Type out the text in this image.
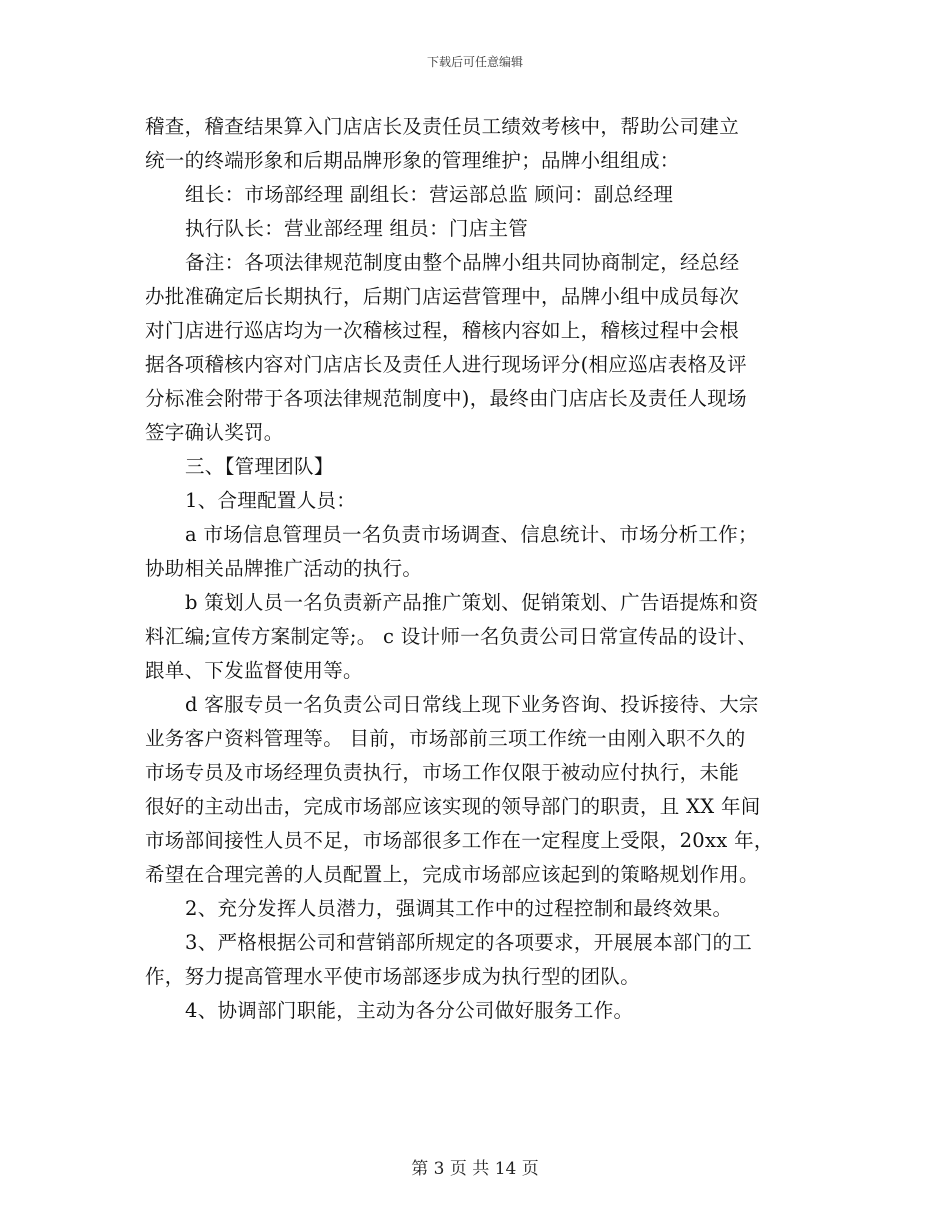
下载后可任意编辑
稽查，稽查结果算入门店店长及责任员工绩效考核中，帮助公司建立
统一的终端形象和后期品牌形象的管理维护；品牌小组组成：
组长：市场部经理 副组长：营运部总监 顾问：副总经理
执行队长：营业部经理 组员：门店主管
备注：各项法律规范制度由整个品牌小组共同协商制定，经总经
办批准确定后长期执行，后期门店运营管理中，品牌小组中成员每次
对门店进行巡店均为一次稽核过程，稽核内容如上，稽核过程中会根
据各项稽核内容对门店店长及责任人进行现场评分(相应巡店表格及评
分标准会附带于各项法律规范制度中)，最终由门店店长及责任人现场
签字确认奖罚。
三、【管理团队】
1、合理配置人员：
a 市场信息管理员一名负责市场调查、信息统计、市场分析工作；
协助相关品牌推广活动的执行。
b 策划人员一名负责新产品推广策划、促销策划、广告语提炼和资
料汇编;宣传方案制定等;。 c 设计师一名负责公司日常宣传品的设计、
跟单、下发监督使用等。
d 客服专员一名负责公司日常线上现下业务咨询、投诉接待、大宗
业务客户资料管理等。 目前，市场部前三项工作统一由刚入职不久的
市场专员及市场经理负责执行，市场工作仅限于被动应付执行，未能
很好的主动出击，完成市场部应该实现的领导部门的职责，且 XX 年间
市场部间接性人员不足，市场部很多工作在一定程度上受限，20xx 年，
希望在合理完善的人员配置上，完成市场部应该起到的策略规划作用。
2、充分发挥人员潜力，强调其工作中的过程控制和最终效果。
3、严格根据公司和营销部所规定的各项要求，开展展本部门的工
作，努力提高管理水平使市场部逐步成为执行型的团队。
4、协调部门职能，主动为各分公司做好服务工作。
第 3 页 共 14 页
